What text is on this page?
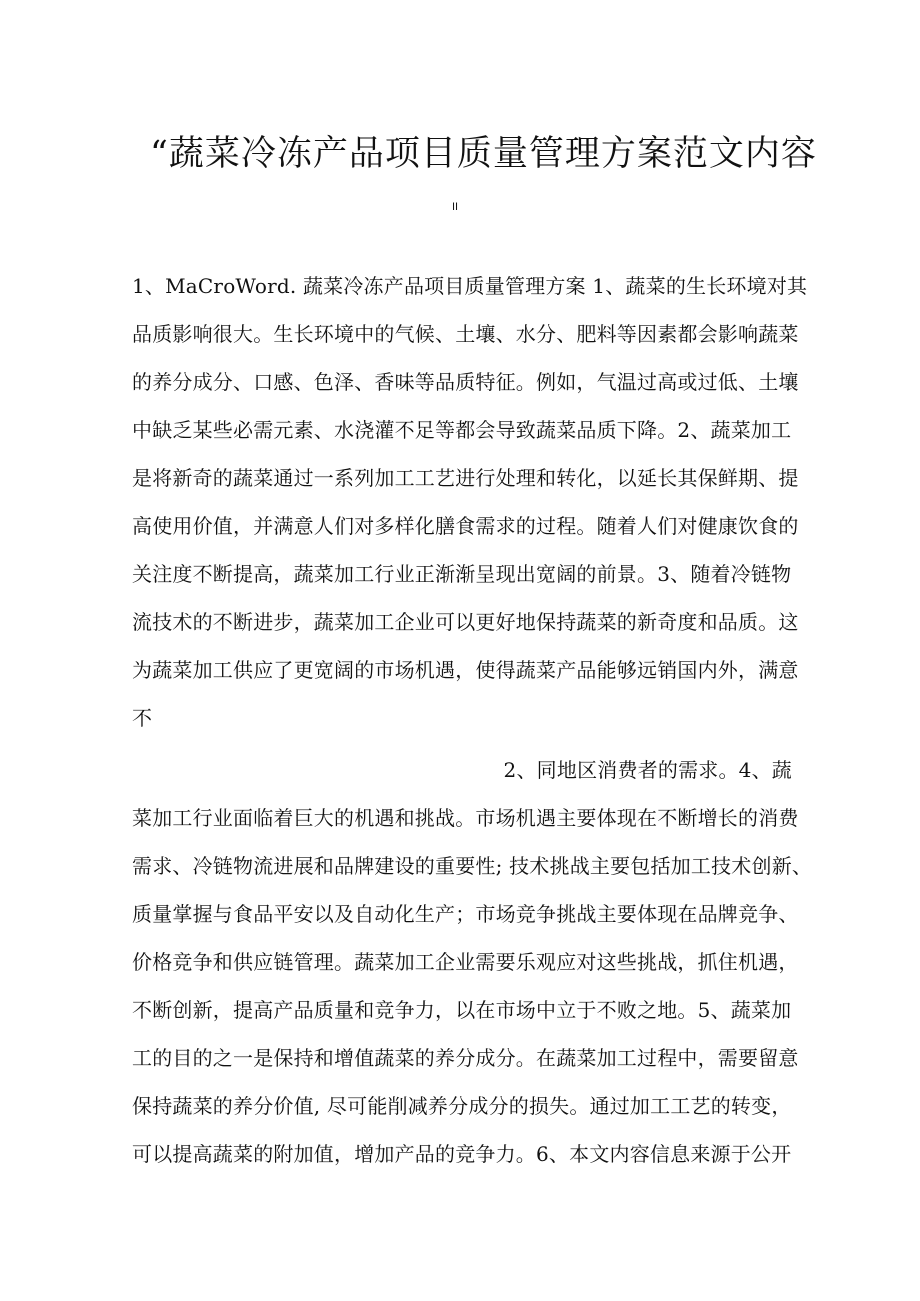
“蔬菜冷冻产品项目质量管理方案范文内容
II
1、MaCroWord. 蔬菜冷冻产品项目质量管理方案 1、蔬菜的生长环境对其
品质影响很大。生长环境中的气候、土壤、水分、肥料等因素都会影响蔬菜
的养分成分、口感、色泽、香味等品质特征。例如，气温过高或过低、土壤
中缺乏某些必需元素、水浇灌不足等都会导致蔬菜品质下降。2、蔬菜加工
是将新奇的蔬菜通过一系列加工工艺进行处理和转化，以延长其保鲜期、提
高使用价值，并满意人们对多样化膳食需求的过程。随着人们对健康饮食的
关注度不断提高，蔬菜加工行业正渐渐呈现出宽阔的前景。3、随着冷链物
流技术的不断进步，蔬菜加工企业可以更好地保持蔬菜的新奇度和品质。这
为蔬菜加工供应了更宽阔的市场机遇，使得蔬菜产品能够远销国内外，满意
不
2、同地区消费者的需求。4、蔬
菜加工行业面临着巨大的机遇和挑战。市场机遇主要体现在不断增长的消费
需求、冷链物流进展和品牌建设的重要性; 技术挑战主要包括加工技术创新、
质量掌握与食品平安以及自动化生产；市场竞争挑战主要体现在品牌竞争、
价格竞争和供应链管理。蔬菜加工企业需要乐观应对这些挑战，抓住机遇，
不断创新，提高产品质量和竞争力，以在市场中立于不败之地。5、蔬菜加
工的目的之一是保持和增值蔬菜的养分成分。在蔬菜加工过程中，需要留意
保持蔬菜的养分价值, 尽可能削减养分成分的损失。通过加工工艺的转变，
可以提高蔬菜的附加值，增加产品的竞争力。6、本文内容信息来源于公开
